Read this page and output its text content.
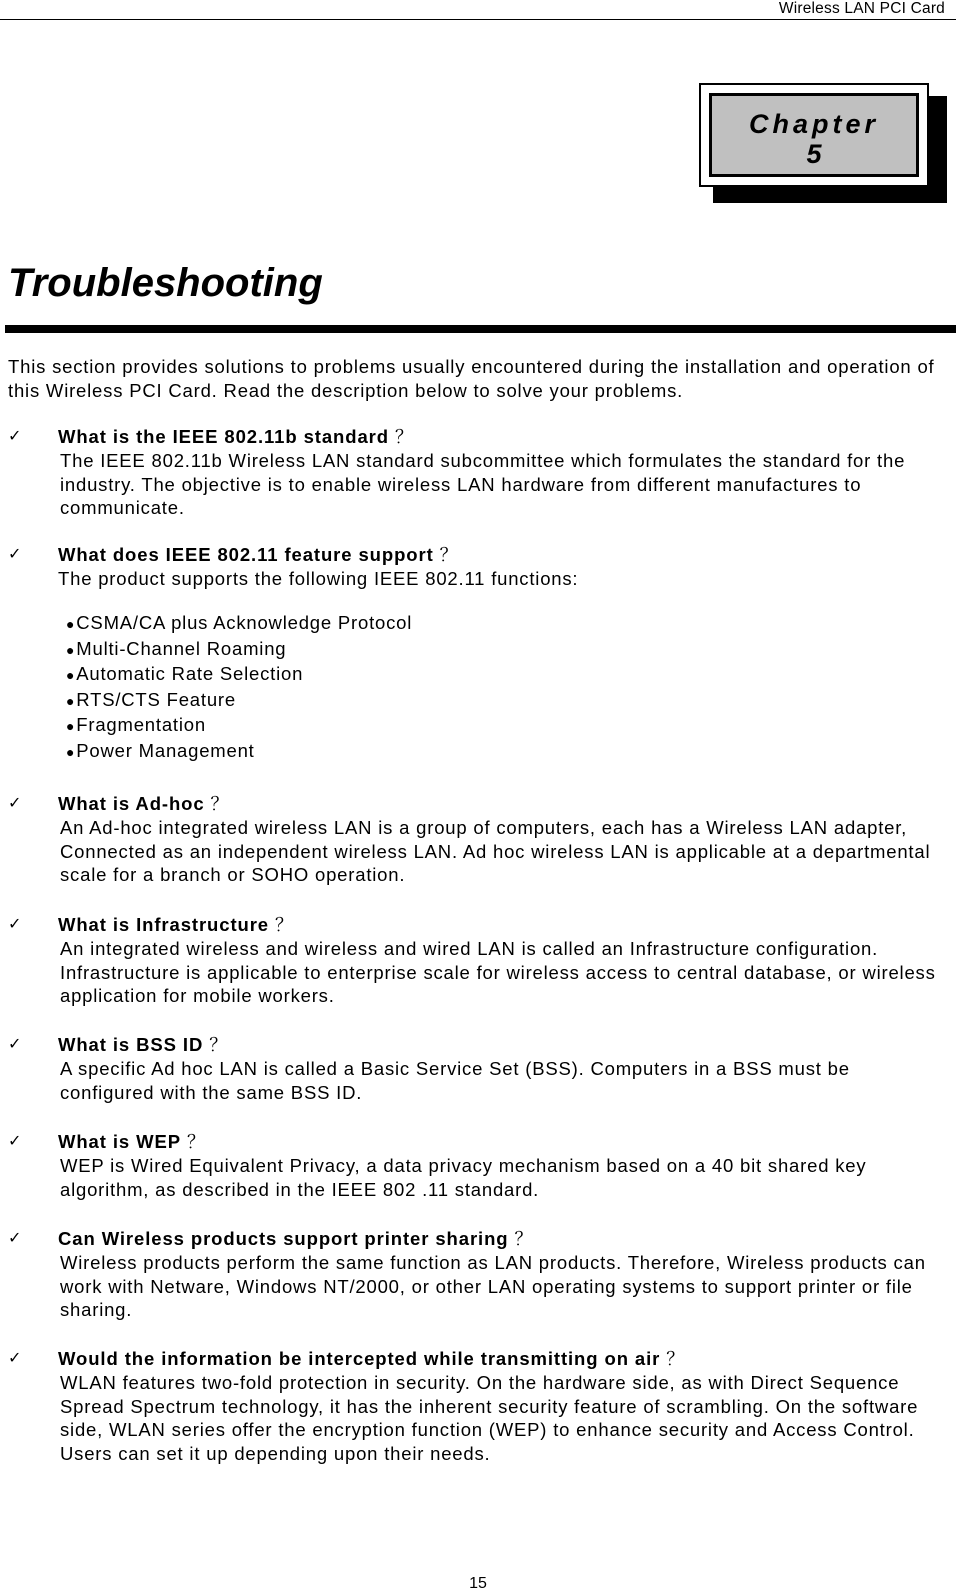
Wireless LAN PCI Card
Chapter
5
Troubleshooting

This section provides solutions to problems usually encountered during the installation and operation of this Wireless PCI Card. Read the description below to solve your problems.

✓ What is the IEEE 802.11b standard ？

The IEEE 802.11b Wireless LAN standard subcommittee which formulates the standard for the industry. The objective is to enable wireless LAN hardware from different manufactures to communicate.

✓ What does IEEE 802.11 feature support ？

The product supports the following IEEE 802.11 functions:

●CSMA/CA plus Acknowledge Protocol
●Multi-Channel Roaming
●Automatic Rate Selection
●RTS/CTS Feature
●Fragmentation
●Power Management
✓ What is Ad-hoc ？

An Ad-hoc integrated wireless LAN is a group of computers, each has a Wireless LAN adapter, Connected as an independent wireless LAN. Ad hoc wireless LAN is applicable at a departmental scale for a branch or SOHO operation.

✓ What is Infrastructure ？

An integrated wireless and wireless and wired LAN is called an Infrastructure configuration. Infrastructure is applicable to enterprise scale for wireless access to central database, or wireless application for mobile workers.

✓ What is BSS ID ？

A specific Ad hoc LAN is called a Basic Service Set (BSS). Computers in a BSS must be configured with the same BSS ID.

✓ What is WEP ？

WEP is Wired Equivalent Privacy, a data privacy mechanism based on a 40 bit shared key algorithm, as described in the IEEE 802 .11 standard.

✓ Can Wireless products support printer sharing ？

Wireless products perform the same function as LAN products. Therefore, Wireless products can work with Netware, Windows NT/2000, or other LAN operating systems to support printer or file sharing.

✓ Would the information be intercepted while transmitting on air ？

WLAN features two-fold protection in security. On the hardware side, as with Direct Sequence Spread Spectrum technology, it has the inherent security feature of scrambling. On the software side, WLAN series offer the encryption function (WEP) to enhance security and Access Control. Users can set it up depending upon their needs.

15
